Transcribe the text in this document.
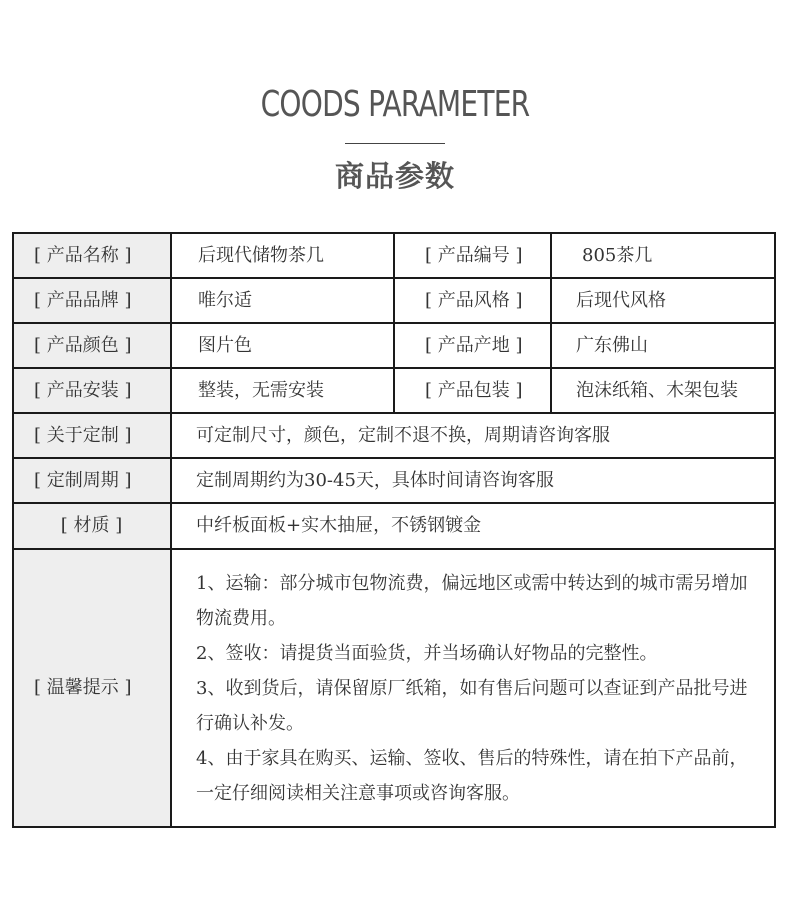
COODS PARAMETER
商品参数
[ 产品名称 ]	后现代储物茶几	[ 产品编号 ]	805茶几
[ 产品品牌 ]	唯尔适	[ 产品风格 ]	后现代风格
[ 产品颜色 ]	图片色	[ 产品产地 ]	广东佛山
[ 产品安装 ]	整装，无需安装	[ 产品包装 ]	泡沫纸箱、木架包装
[ 关于定制 ]	可定制尺寸，颜色，定制不退不换，周期请咨询客服		
[ 定制周期 ]	定制周期约为30-45天，具体时间请咨询客服		
[ 材质 ]	中纤板面板+实木抽屉，不锈钢镀金		
[ 温馨提示 ]	1、运输：部分城市包物流费，偏远地区或需中转达到的城市需另增加物流费用。
2、签收：请提货当面验货，并当场确认好物品的完整性。
3、收到货后，请保留原厂纸箱，如有售后问题可以查证到产品批号进行确认补发。
4、由于家具在购买、运输、签收、售后的特殊性，请在拍下产品前，一定仔细阅读相关注意事项或咨询客服。		
